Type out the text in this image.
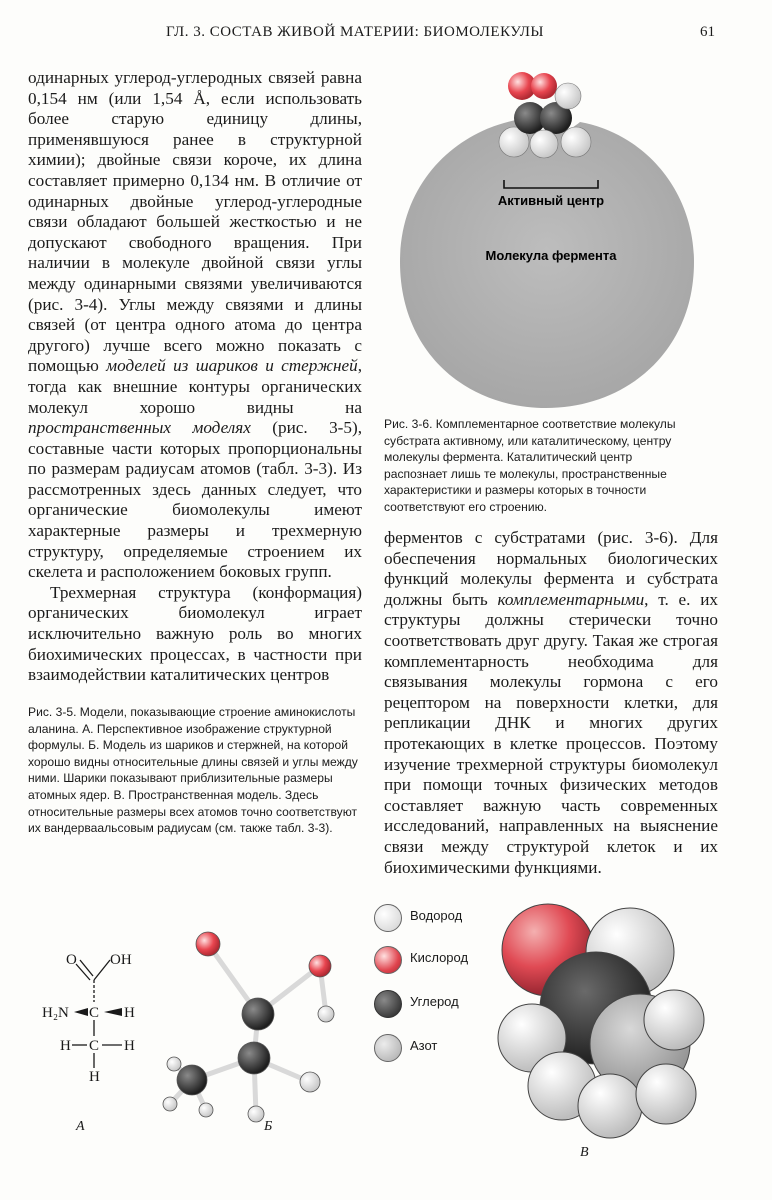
ГЛ. 3. СОСТАВ ЖИВОЙ МАТЕРИИ: БИОМОЛЕКУЛЫ	61

одинарных углерод-углеродных связей равна 0,154 нм (или 1,54 Å, если использовать более старую единицу длины, применявшуюся ранее в структурной химии); двойные связи короче, их длина составляет примерно 0,134 нм. В отличие от одинарных двойные углерод-углеродные связи обладают большей жесткостью и не допускают свободного вращения. При наличии в молекуле двойной связи углы между одинарными связями увеличиваются (рис. 3-4). Углы между связями и длины связей (от центра одного атома до центра другого) лучше всего можно показать с помощью моделей из шариков и стержней, тогда как внешние контуры органических молекул хорошо видны на пространственных моделях (рис. 3-5), составные части которых пропорциональны по размерам радиусам атомов (табл. 3-3). Из рассмотренных здесь данных следует, что органические биомолекулы имеют характерные размеры и трехмерную структуру, определяемые строением их скелета и расположением боковых групп.

Трехмерная структура (конформация) органических биомолекул играет исключительно важную роль во многих биохимических процессах, в частности при взаимодействии каталитических центров

Активный центр
Молекула фермента
Рис. 3-6. Комплементарное соответствие молекулы субстрата активному, или каталитическому, центру молекулы фермента. Каталитический центр распознает лишь те молекулы, пространственные характеристики и размеры которых в точности соответствуют его строению.
Рис. 3-5. Модели, показывающие строение аминокислоты аланина. А. Перспективное изображение структурной формулы. Б. Модель из шариков и стержней, на которой хорошо видны относительные длины связей и углы между ними. Шарики показывают приблизительные размеры атомных ядер. В. Пространственная модель. Здесь относительные размеры всех атомов точно соответствуют их вандерваальсовым радиусам (см. также табл. 3-3).

ферментов с субстратами (рис. 3-6). Для обеспечения нормальных биологических функций молекулы фермента и субстрата должны быть комплементарными, т. е. их структуры должны стерически точно соответствовать друг другу. Такая же строгая комплементарность необходима для связывания молекулы гормона с его рецептором на поверхности клетки, для репликации ДНК и многих других протекающих в клетке процессов. Поэтому изучение трехмерной структуры биомолекул при помощи точных физических методов составляет важную часть современных исследований, направленных на выяснение связи между структурой клеток и их биохимическими функциями.

O OH
C
H₂N	H
H C H
H
А	Б
Водород
Кислород
Углерод
Азот
В
